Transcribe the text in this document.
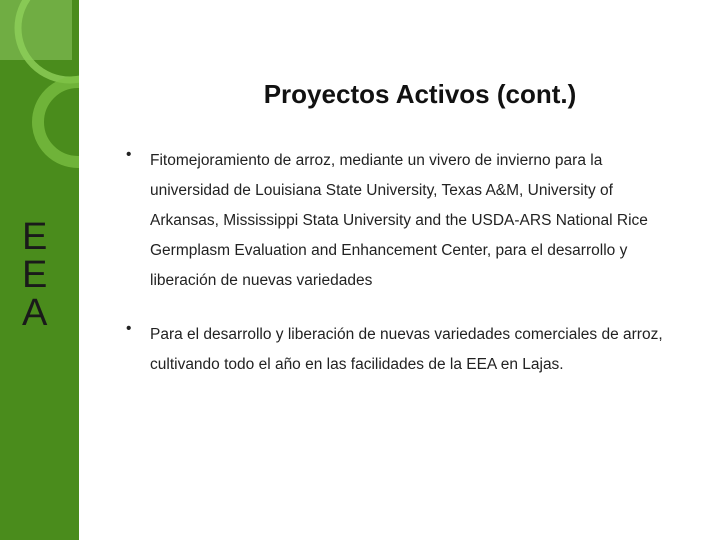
E
E
A
Proyectos Activos (cont.)
• Fitomejoramiento de arroz, mediante un vivero de invierno para la
universidad de Louisiana State University, Texas A&M, University of
Arkansas, Mississippi Stata University and the USDA-ARS National Rice
Germplasm Evaluation and Enhancement Center, para el desarrollo y
liberación de nuevas variedades

• Para el desarrollo y liberación de nuevas variedades comerciales de arroz,
cultivando todo el año en las facilidades de la EEA en Lajas.
